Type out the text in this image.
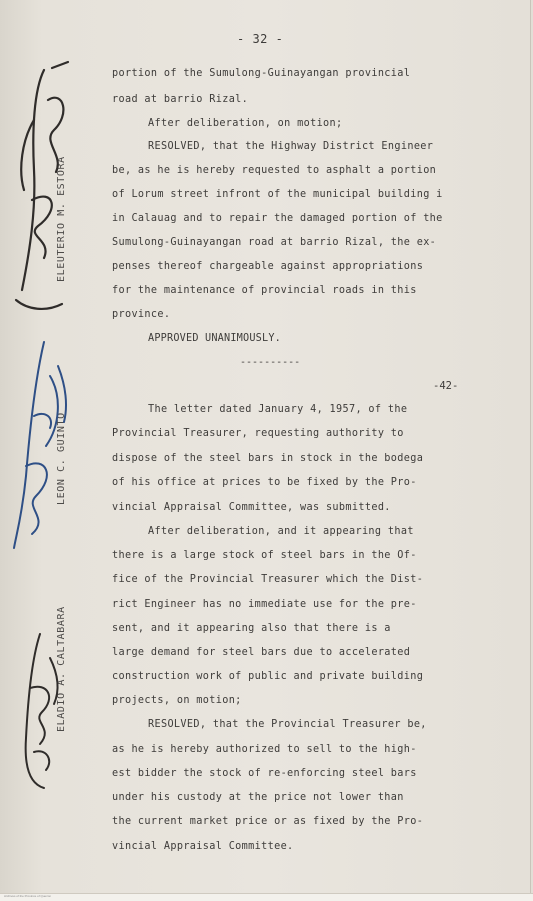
- 32 -
portion of the Sumulong-Guinayangan provincial
road at barrio Rizal.
After deliberation, on motion;
RESOLVED, that the Highway District Engineer
be, as he is hereby requested to asphalt a portion
of Lorum street infront of the municipal building i
in Calauag and to repair the damaged portion of the
Sumulong-Guinayangan road at barrio Rizal, the ex-
penses thereof chargeable against appropriations
for the maintenance of provincial roads in this
province.
APPROVED UNANIMOUSLY.
----------
-42-
The letter dated January 4, 1957, of the
Provincial Treasurer, requesting authority to
dispose of the steel bars in stock in the bodega
of his office at prices to be fixed by the Pro-
vincial Appraisal Committee, was submitted.
After deliberation, and it appearing that
there is a large stock of steel bars in the Of-
fice of the Provincial Treasurer which the Dist-
rict Engineer has no immediate use for the pre-
sent, and it appearing also that there is a
large demand for steel bars due to accelerated
construction work of public and private building
projects, on motion;
RESOLVED, that the Provincial Treasurer be,
as he is hereby authorized to sell to the high-
est bidder the stock of re-enforcing steel bars
under his custody at the price not lower than
the current market price or as fixed by the Pro-
vincial Appraisal Committee.
ELEUTERIO M. ESTORA
LEON C. GUINTO
ELADIO A. CALTABARA
Archives of the Province of Quezon
